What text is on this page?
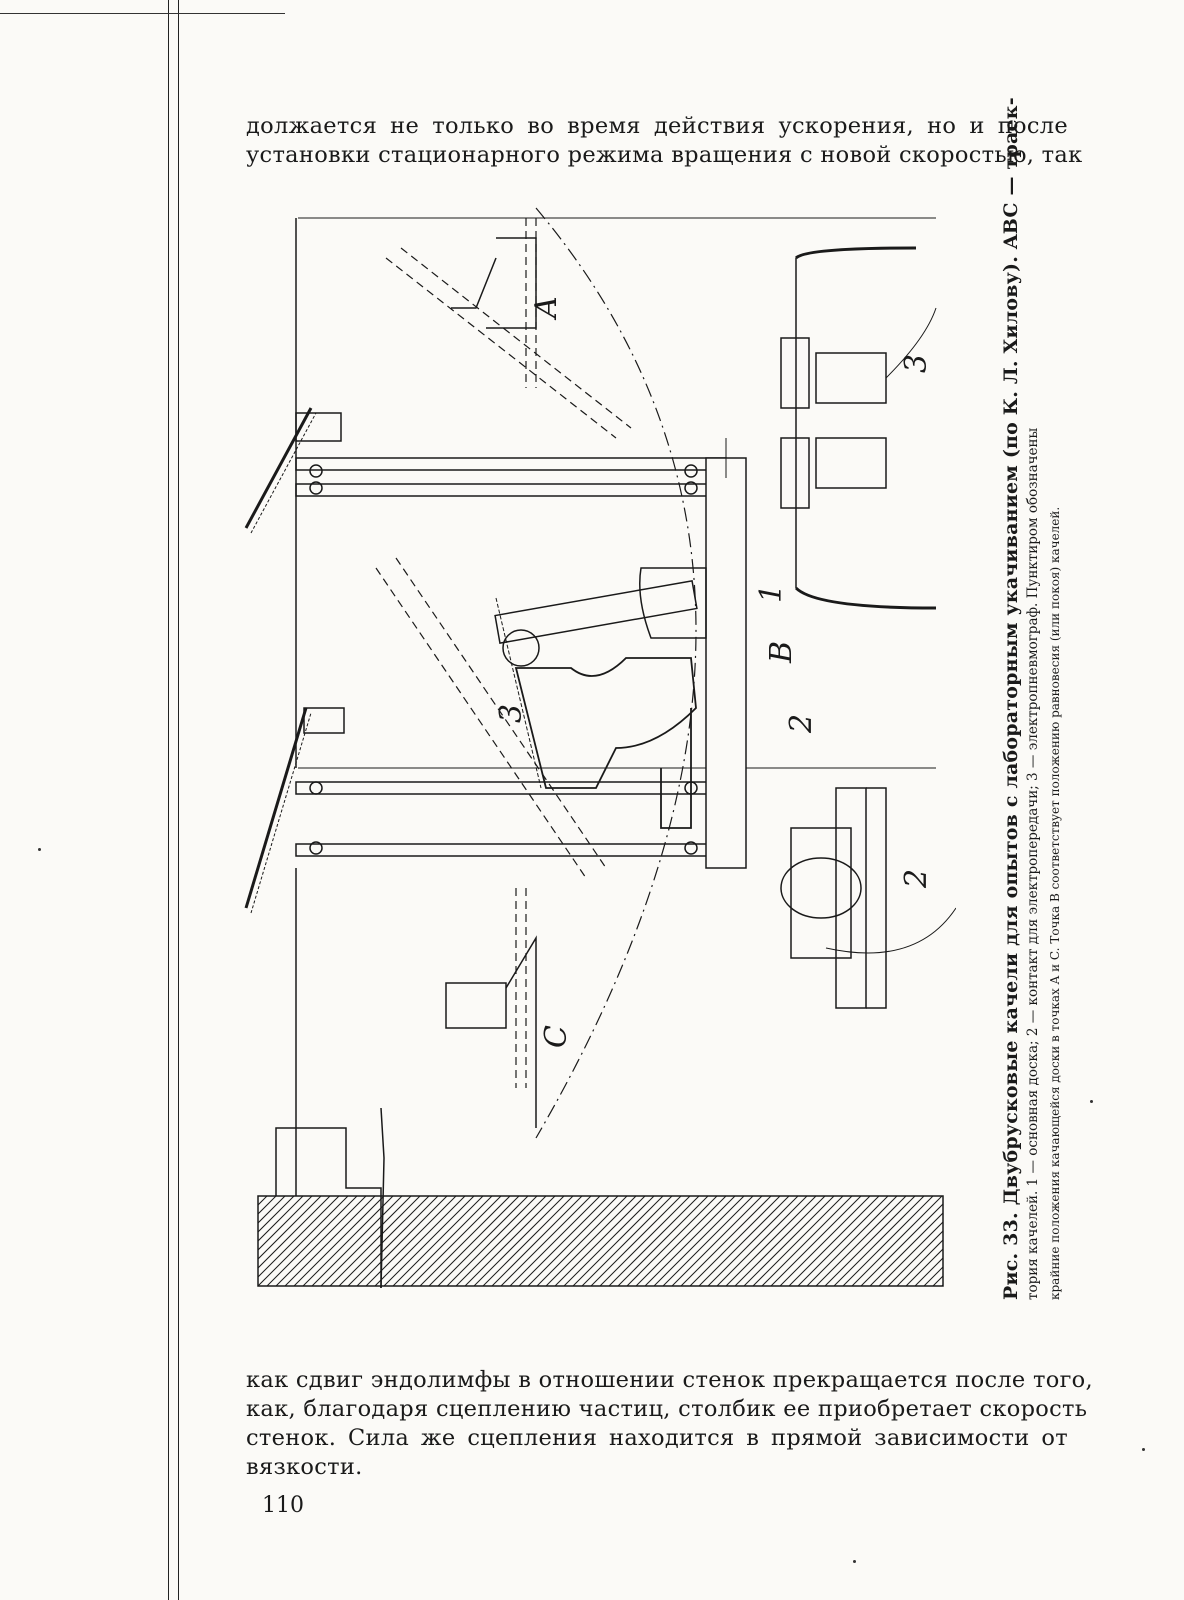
должается не только во время действия ускорения, но и после
установки стационарного режима вращения с новой скоростью, так
A
B
C
1
2
3
2
3	Рис. 33. Двубрусковые качели для опытов с лабораторным укачиванием (по К. Л. Хилову). ABC — траек- тория качелей. 1 — основная доска; 2 — контакт для электропередачи; 3 — электропневмограф. Пунктиром обозначены крайние положения качающейся доски в точках A и C. Точка B соответствует положению равновесия (или покоя) качелей.
как сдвиг эндолимфы в отношении стенок прекращается после того,
как, благодаря сцеплению частиц, столбик ее приобретает скорость
стенок. Сила же сцепления находится в прямой зависимости от
вязкости.
110
